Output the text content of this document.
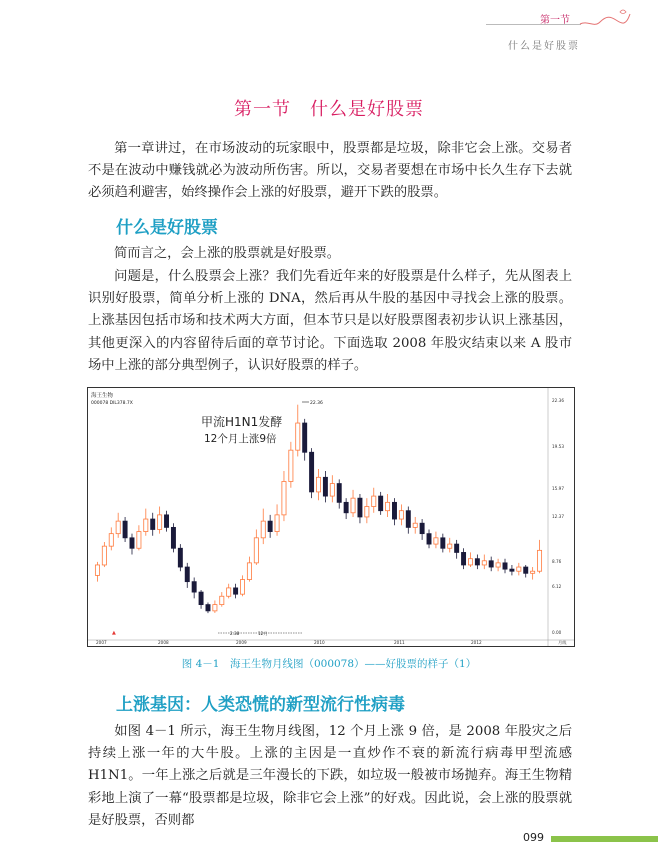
第一节
什么是好股票
第一节　什么是好股票

第一章讲过，在市场波动的玩家眼中，股票都是垃圾，除非它会上涨。交易者不是在波动中赚钱就必为波动所伤害。所以，交易者要想在市场中长久生存下去就必须趋利避害，始终操作会上涨的好股票，避开下跌的股票。

什么是好股票

简而言之，会上涨的股票就是好股票。

问题是，什么股票会上涨？我们先看近年来的好股票是什么样子，先从图表上识别好股票，简单分析上涨的 DNA，然后再从牛股的基因中寻找会上涨的股票。上涨基因包括市场和技术两大方面，但本节只是以好股票图表初步认识上涨基因，其他更深入的内容留待后面的章节讨论。下面选取 2008 年股灾结束以来 A 股市场中上涨的部分典型例子，认识好股票的样子。

▲
海王生物
000078 DIL378.7X
甲流H1N1发酵
12个月上涨9倍
22.36
2.38	12月
22.36
19.53
15.97
12.37
8.76
6.12
0.00
2007	2008	2009	2010	2011	2012	月线
图 4－1　海王生物月线图（000078）——好股票的样子（1）
上涨基因：人类恐慌的新型流行性病毒

如图 4－1 所示，海王生物月线图，12 个月上涨 9 倍，是 2008 年股灾之后持续上涨一年的大牛股。上涨的主因是一直炒作不衰的新流行病毒甲型流感 H1N1。一年上涨之后就是三年漫长的下跌，如垃圾一般被市场抛弃。海王生物精彩地上演了一幕“股票都是垃圾，除非它会上涨”的好戏。因此说，会上涨的股票就是好股票，否则都

099
